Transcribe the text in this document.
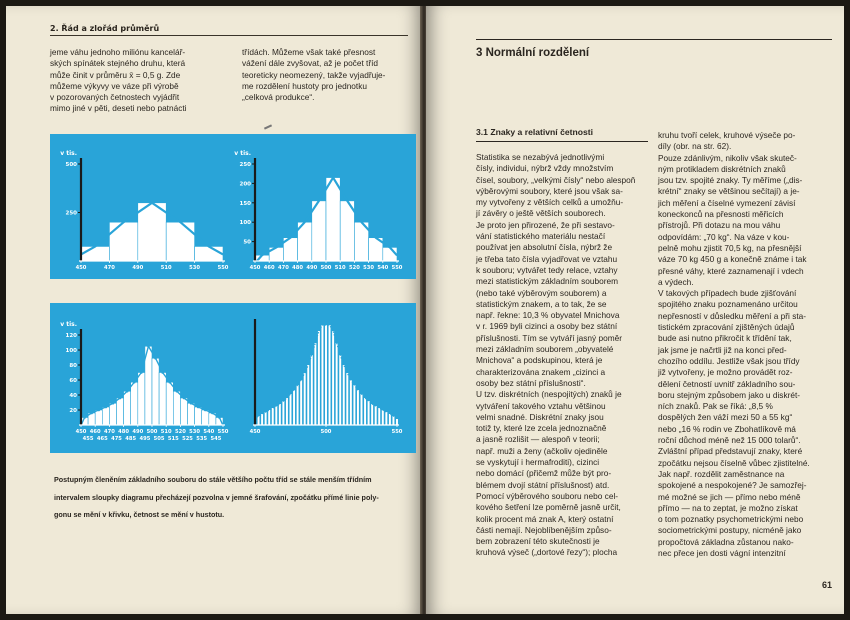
2. Řád a zlořád průměrů

jeme váhu jednoho miliónu kancelář-

ských spínátek stejného druhu, která

může činit v průměru x̄ = 0,5 g. Zde

můžeme výkyvy ve váze při výrobě

v pozorovaných četnostech vyjádřit

mimo jiné v pěti, deseti nebo patnácti

třídách. Můžeme však také přesnost

vážení dále zvyšovat, až je počet tříd

teoreticky neomezený, takže vyjadřuje-

me rozdělení hustoty pro jednotku

„celková produkce“.

v tis.
500
250
450	470	490	510	530	550
v tis.
250
200
150
100
50
450 460 470 480 490 500 510 520 530 540 550
v tis.
120
100
80
60
40
20
450 460 470 480 490 500 510 520 530 540 550
455 465 475 485 495 505 515 525 535 545
450	500	550

Postupným členěním základního souboru do stále většího počtu tříd se stále menším třídním

intervalem sloupky diagramu přecházejí pozvolna v jemné šrafování, zpočátku přímé linie poly-

gonu se mění v křivku, četnost se mění v hustotu.

3 Normální rozdělení
3.1 Znaky a relativní četnosti

Statistika se nezabývá jednotlivými

čísly, individui, nýbrž vždy množstvím

čísel, soubory, „velkými čísly“ nebo alespoň

výběrovými soubory, které jsou však sa-

my vytvořeny z větších celků a umožňu-

jí závěry o ještě větších souborech.

Je proto jen přirozené, že při sestavo-

vání statistického materiálu nestačí

používat jen absolutní čísla, nýbrž že

je třeba tato čísla vyjadřovat ve vztahu

k souboru; vytvářet tedy relace, vztahy

mezi statistickým základním souborem

(nebo také výběrovým souborem) a

statistickým znakem, a to tak, že se

např. řekne: 10,3 % obyvatel Mnichova

v r. 1969 byli cizinci a osoby bez státní

příslušnosti. Tím se vytváří jasný poměr

mezi základním souborem „obyvatelé

Mnichova“ a podskupinou, která je

charakterizována znakem „cizinci a

osoby bez státní příslušnosti“.

U tzv. diskrétních (nespojitých) znaků je

vytváření takového vztahu většinou

velmi snadné. Diskrétní znaky jsou

totiž ty, které lze zcela jednoznačně

a jasně rozlišit — alespoň v teorii;

např. muži a ženy (ačkoliv ojediněle

se vyskytují i hermafroditi), cizinci

nebo domácí (přičemž může být pro-

blémem dvojí státní příslušnost) atd.

Pomocí výběrového souboru nebo cel-

kového šetření lze poměrně jasně určit,

kolik procent má znak A, který ostatní

části nemají. Nejoblíbenějším způso-

bem zobrazení této skutečnosti je

kruhová výseč („dortové řezy“); plocha

kruhu tvoří celek, kruhové výseče po-

díly (obr. na str. 62).

Pouze zdánlivým, nikoliv však skuteč-

ným protikladem diskrétních znaků

jsou tzv. spojité znaky. Ty měříme („dis-

krétní“ znaky se většinou sečítají) a je-

jich měření a číselné vymezení závisí

koneckonců na přesnosti měřicích

přístrojů. Při dotazu na mou váhu

odpovídám: „70 kg“. Na váze v kou-

pelně mohu zjistit 70,5 kg, na přesnější

váze 70 kg 450 g a konečně známe i tak

přesné váhy, které zaznamenají i vdech

a výdech.

V takových případech bude zjišťování

spojitého znaku poznamenáno určitou

nepřesností v důsledku měření a při sta-

tistickém zpracování zjištěných údajů

bude asi nutno přikročit k třídění tak,

jak jsme je načrtli již na konci před-

chozího oddílu. Jestliže však jsou třídy

již vytvořeny, je možno provádět roz-

dělení četností uvnitř základního sou-

boru stejným způsobem jako u diskrét-

ních znaků. Pak se říká: „8,5 %

dospělých žen váží mezi 50 a 55 kg“

nebo „16 % rodin ve Zbohatlíkově má

roční důchod méně než 15 000 tolarů“.

Zvláštní případ představují znaky, které

zpočátku nejsou číselně vůbec zjistitelné.

Jak např. rozdělit zaměstnance na

spokojené a nespokojené? Je samozřej-

mé možné se jich — přímo nebo méně

přímo — na to zeptat, je možno získat

o tom poznatky psychometrickými nebo

sociometrickými postupy, nicméně jako

propočtová základna zůstanou nako-

nec přece jen dosti vágní intenzitní

61
